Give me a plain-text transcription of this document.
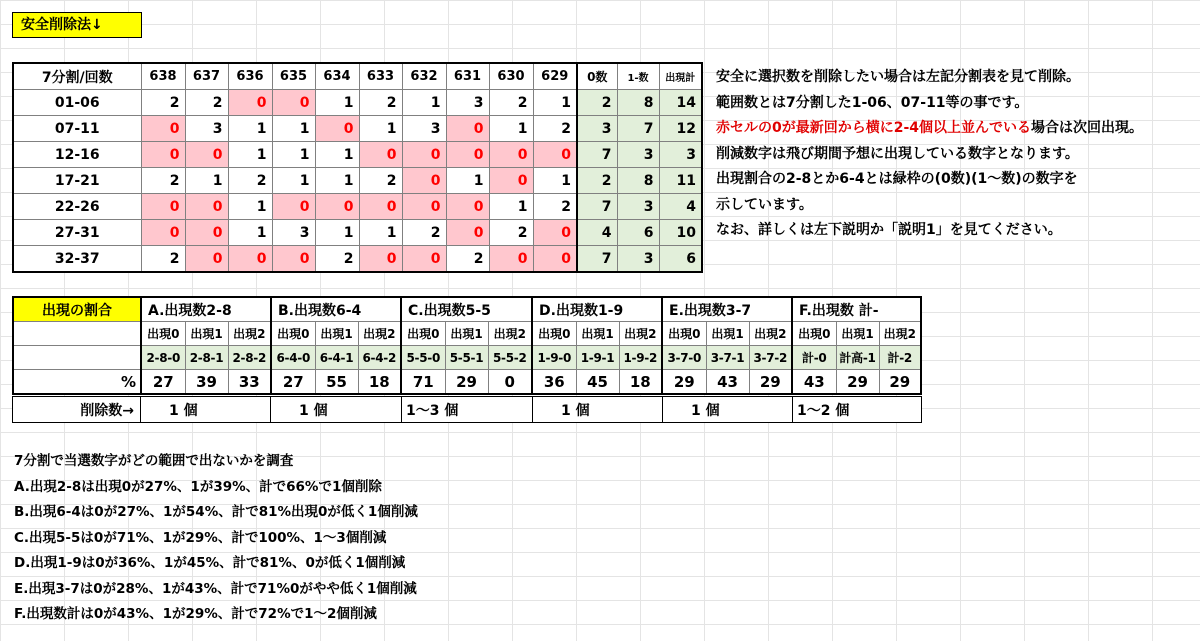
安全削除法↓
7分割/回数	638	637	636	635	634	633	632	631	630	629	0数	1-数	出現計
01-06	2	2	0	0	1	2	1	3	2	1	2	8	14
07-11	0	3	1	1	0	1	3	0	1	2	3	7	12
12-16	0	0	1	1	1	0	0	0	0	0	7	3	3
17-21	2	1	2	1	1	2	0	1	0	1	2	8	11
22-26	0	0	1	0	0	0	0	0	1	2	7	3	4
27-31	0	0	1	3	1	1	2	0	2	0	4	6	10
32-37	2	0	0	0	2	0	0	2	0	0	7	3	6
安全に選択数を削除したい場合は左記分割表を見て削除。
範囲数とは7分割した1-06、07-11等の事です。
赤セルの0が最新回から横に2-4個以上並んでいる場合は次回出現。
削減数字は飛び期間予想に出現している数字となります。
出現割合の2-8とか6-4とは緑枠の(0数)(1～数)の数字を
示しています。
なお、詳しくは左下説明か「説明1」を見てください。
出現の割合	A.出現数2-8			B.出現数6-4			C.出現数5-5			D.出現数1-9			E.出現数3-7			F.出現数 計-		
	出現0	出現1	出現2	出現0	出現1	出現2	出現0	出現1	出現2	出現0	出現1	出現2	出現0	出現1	出現2	出現0	出現1	出現2
	2-8-0	2-8-1	2-8-2	6-4-0	6-4-1	6-4-2	5-5-0	5-5-1	5-5-2	1-9-0	1-9-1	1-9-2	3-7-0	3-7-1	3-7-2	計-0	計高-1	計-2
%	27	39	33	27	55	18	71	29	0	36	45	18	29	43	29	43	29	29
削除数→	1 個	1 個	1～3 個	1 個	1 個	1～2 個
7分割で当選数字がどの範囲で出ないかを調査
A.出現2-8は出現0が27%、1が39%、計で66%で1個削除
B.出現6-4は0が27%、1が54%、計で81%出現0が低く1個削減
C.出現5-5は0が71%、1が29%、計で100%、1～3個削減
D.出現1-9は0が36%、1が45%、計で81%、0が低く1個削減
E.出現3-7は0が28%、1が43%、計で71%0がやや低く1個削減
F.出現数計は0が43%、1が29%、計で72%で1～2個削減
